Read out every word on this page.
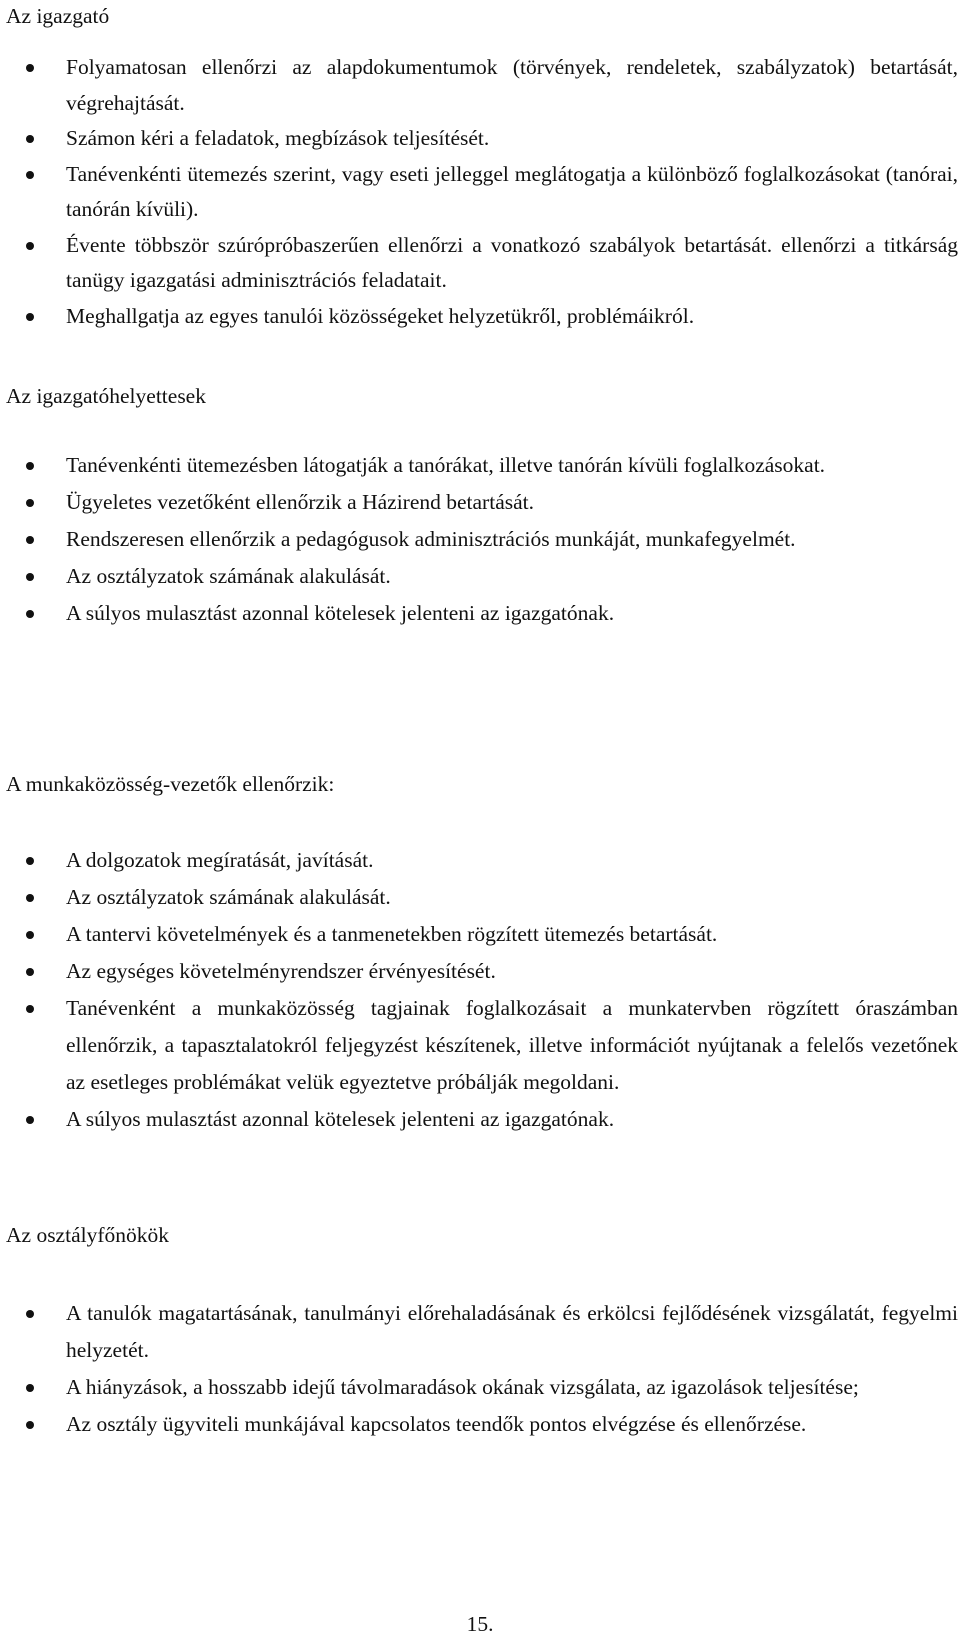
Az igazgató
Folyamatosan ellenőrzi az alapdokumentumok (törvények, rendeletek, szabályzatok) betartását, végrehajtását.
Számon kéri a feladatok, megbízások teljesítését.
Tanévenkénti ütemezés szerint, vagy eseti jelleggel meglátogatja a különböző foglalkozásokat (tanórai, tanórán kívüli).
Évente többször szúrópróbaszerűen ellenőrzi a vonatkozó szabályok betartását. ellenőrzi a titkárság tanügy igazgatási adminisztrációs feladatait.
Meghallgatja az egyes tanulói közösségeket helyzetükről, problémáikról.
Az igazgatóhelyettesek
Tanévenkénti ütemezésben látogatják a tanórákat, illetve tanórán kívüli foglalkozásokat.
Ügyeletes vezetőként ellenőrzik a Házirend betartását.
Rendszeresen ellenőrzik a pedagógusok adminisztrációs munkáját, munkafegyelmét.
Az osztályzatok számának alakulását.
A súlyos mulasztást azonnal kötelesek jelenteni az igazgatónak.
A munkaközösség-vezetők ellenőrzik:
A dolgozatok megíratását, javítását.
Az osztályzatok számának alakulását.
A tantervi követelmények és a tanmenetekben rögzített ütemezés betartását.
Az egységes követelményrendszer érvényesítését.
Tanévenként a munkaközösség tagjainak foglalkozásait a munkatervben rögzített óraszámban ellenőrzik, a tapasztalatokról feljegyzést készítenek, illetve információt nyújtanak a felelős vezetőnek az esetleges problémákat velük egyeztetve próbálják megoldani.
A súlyos mulasztást azonnal kötelesek jelenteni az igazgatónak.
Az osztályfőnökök
A tanulók magatartásának, tanulmányi előrehaladásának és erkölcsi fejlődésének vizsgálatát, fegyelmi helyzetét.
A hiányzások, a hosszabb idejű távolmaradások okának vizsgálata, az igazolások teljesítése;
Az osztály ügyviteli munkájával kapcsolatos teendők pontos elvégzése és ellenőrzése.
15.
